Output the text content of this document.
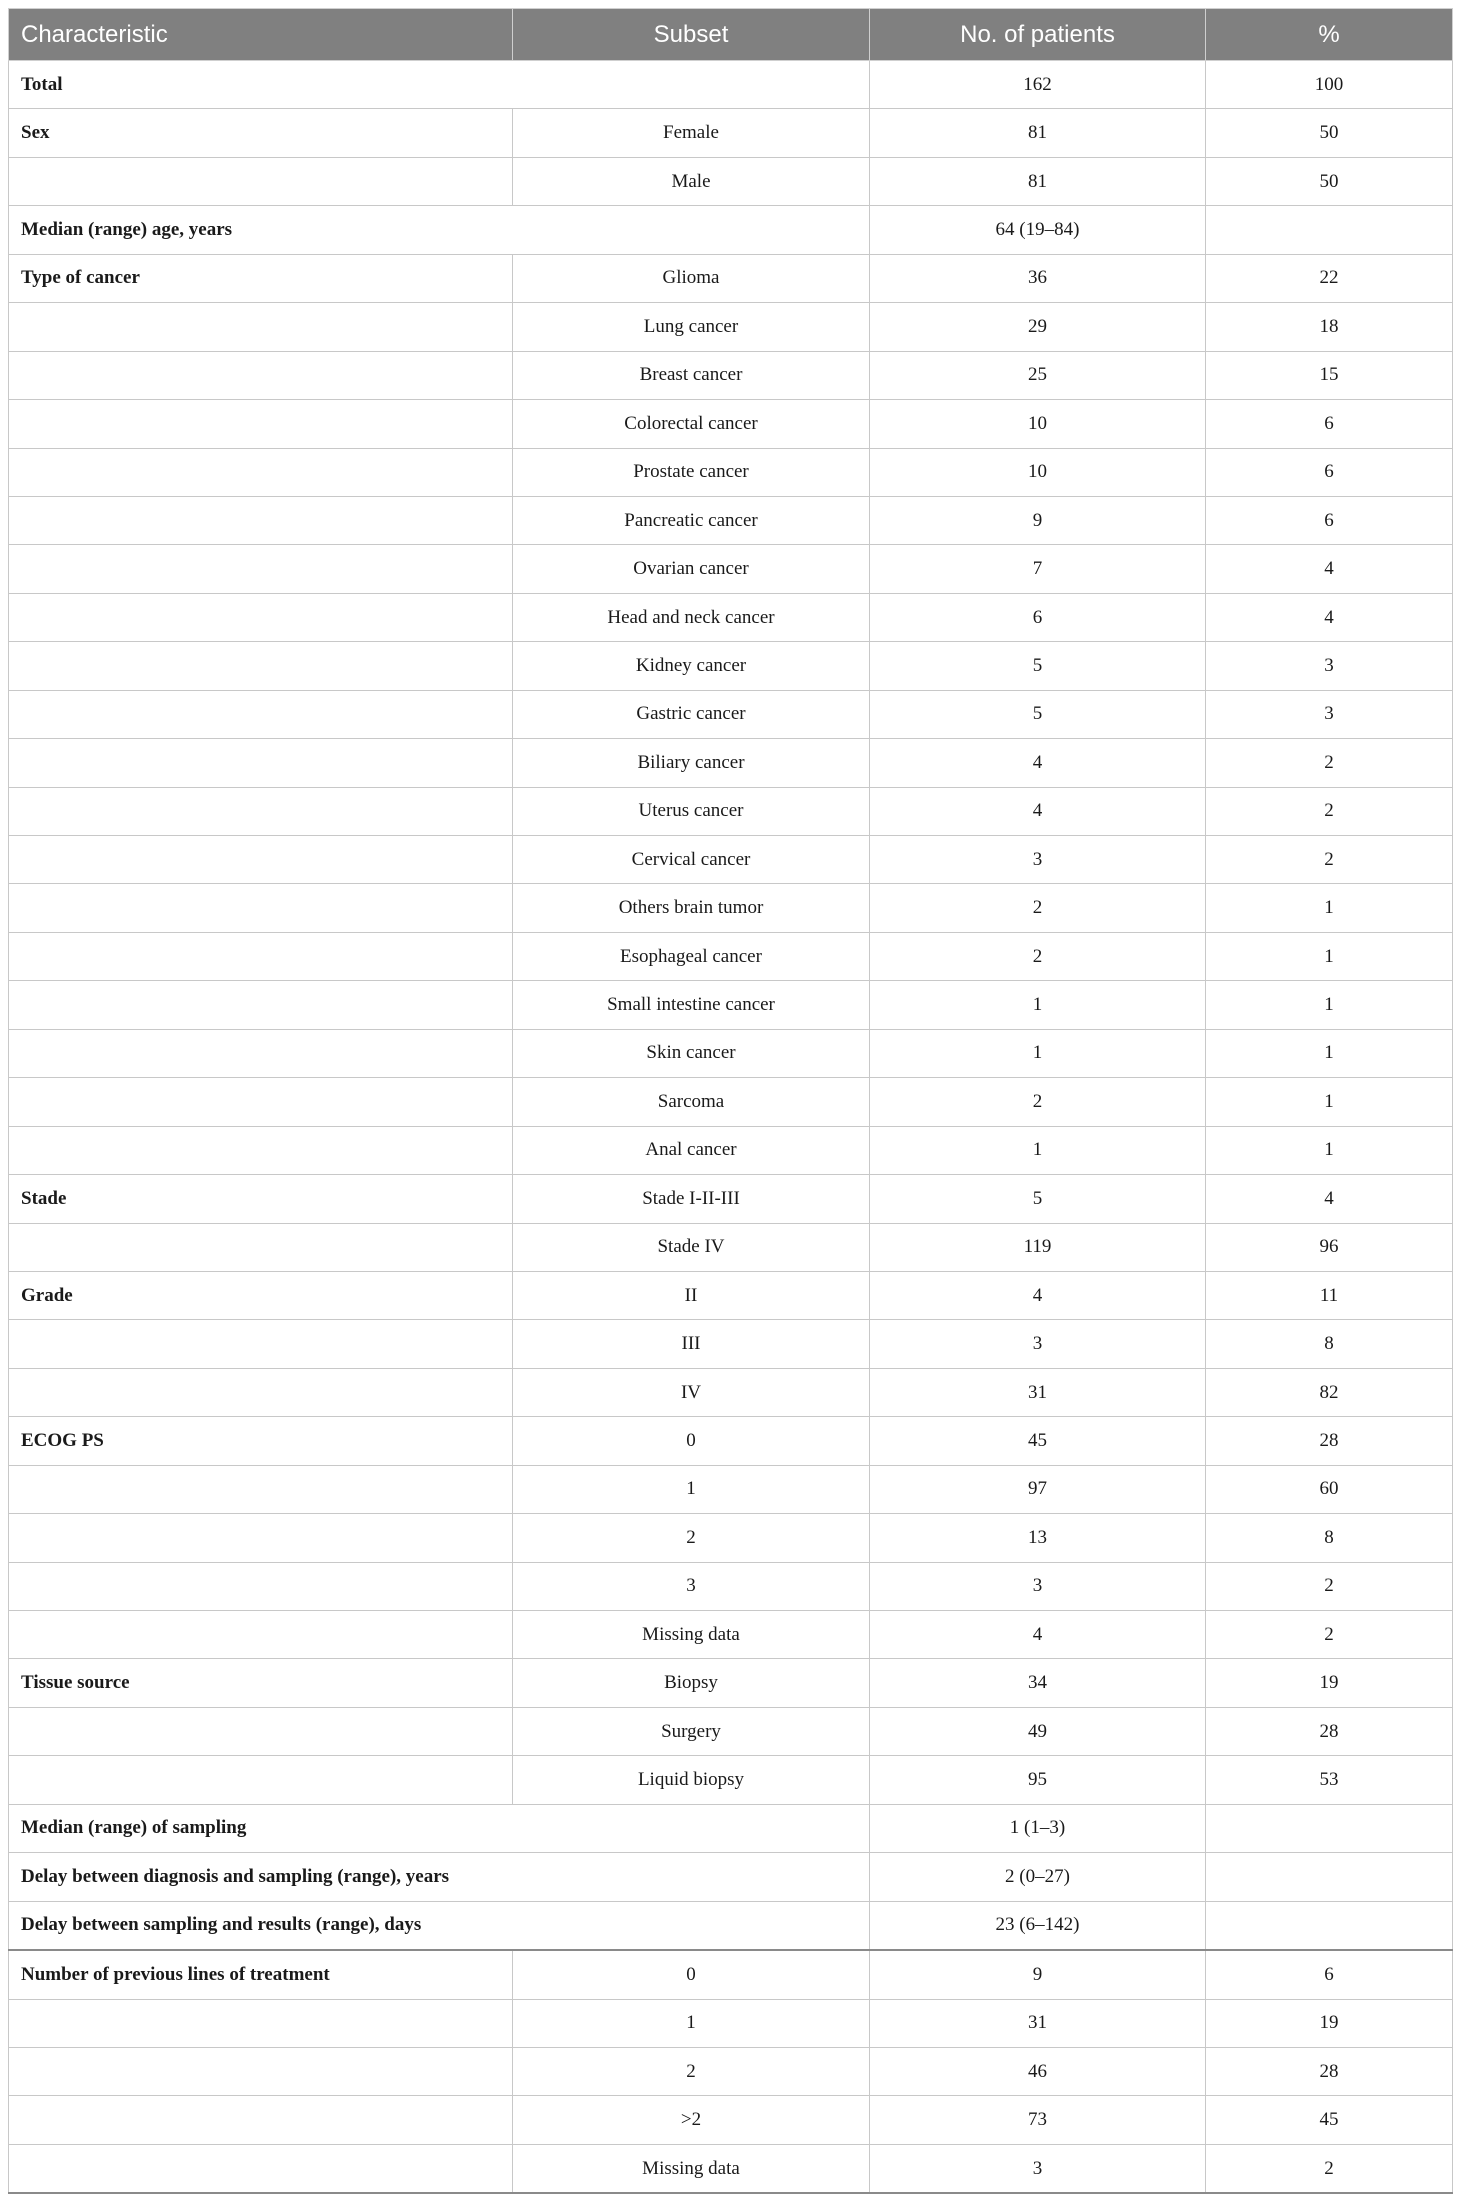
Characteristic	Subset	No. of patients	%
Total		162	100
Sex	Female	81	50
	Male	81	50
Median (range) age, years		64 (19–84)	
Type of cancer	Glioma	36	22
	Lung cancer	29	18
	Breast cancer	25	15
	Colorectal cancer	10	6
	Prostate cancer	10	6
	Pancreatic cancer	9	6
	Ovarian cancer	7	4
	Head and neck cancer	6	4
	Kidney cancer	5	3
	Gastric cancer	5	3
	Biliary cancer	4	2
	Uterus cancer	4	2
	Cervical cancer	3	2
	Others brain tumor	2	1
	Esophageal cancer	2	1
	Small intestine cancer	1	1
	Skin cancer	1	1
	Sarcoma	2	1
	Anal cancer	1	1
Stade	Stade I-II-III	5	4
	Stade IV	119	96
Grade	II	4	11
	III	3	8
	IV	31	82
ECOG PS	0	45	28
	1	97	60
	2	13	8
	3	3	2
	Missing data	4	2
Tissue source	Biopsy	34	19
	Surgery	49	28
	Liquid biopsy	95	53
Median (range) of sampling		1 (1–3)	
Delay between diagnosis and sampling (range), years		2 (0–27)	
Delay between sampling and results (range), days		23 (6–142)	
Number of previous lines of treatment	0	9	6
	1	31	19
	2	46	28
	>2	73	45
	Missing data	3	2
